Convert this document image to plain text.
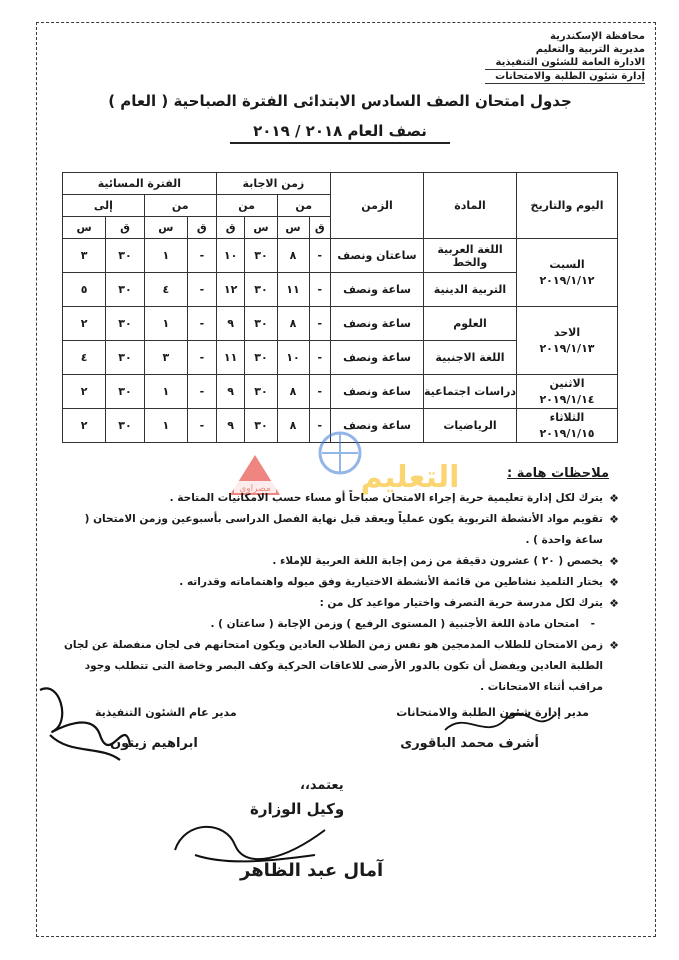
محافظة الإسكندرية
مديرية التربية والتعليم
الادارة العامة للشئون التنفيذية
إدارة شئون الطلبة والامتحانات
جدول امتحان الصف السادس الابتدائى الفترة الصباحية ( العام )
نصف العام ٢٠١٨ / ٢٠١٩
اليوم والتاريخ	المادة	الزمن	زمن الاجابة				الفترة المسائية			
			من		من		من		إلى	
			ق	س	س	ق	ق	س	ق	س

السبت
٢٠١٩/١/١٢	اللغة العربية والخط	ساعتان ونصف	-	٨	٣٠	١٠	-	١	٣٠	٣
	التربية الدينية	ساعة ونصف	-	١١	٣٠	١٢	-	٤	٣٠	٥

الاحد
٢٠١٩/١/١٣	العلوم	ساعة ونصف	-	٨	٣٠	٩	-	١	٣٠	٢
	اللغة الاجنبية	ساعة ونصف	-	١٠	٣٠	١١	-	٣	٣٠	٤

الاثنين
٢٠١٩/١/١٤	دراسات اجتماعية	ساعة ونصف	-	٨	٣٠	٩	-	١	٣٠	٢

الثلاثاء
٢٠١٩/١/١٥	الرياضيات	ساعة ونصف	-	٨	٣٠	٩	-	١	٣٠	٢
مصراوي	التعليم	ملاحظات هامة :
❖
يترك لكل إدارة تعليمية حرية إجراء الامتحان صباحاً أو مساء حسب الامكانيات المتاحة .
❖
تقويم مواد الأنشطة التربوية يكون عملياً ويعقد قبل نهاية الفصل الدراسى بأسبوعين وزمن الامتحان ( ساعة واحدة ) .
❖
يخصص ( ٢٠ ) عشرون دقيقة من زمن إجابة اللغة العربية للإملاء .
❖
يختار التلميذ نشاطين من قائمة الأنشطة الاختيارية وفق ميوله واهتماماته وقدراته .
❖
يترك لكل مدرسة حرية التصرف واختيار مواعيد كل من :
-
امتحان مادة اللغة الأجنبية ( المستوى الرفيع ) وزمن الإجابة ( ساعتان ) .
❖
زمن الامتحان للطلاب المدمجين هو نفس زمن الطلاب العادين ويكون امتحانهم فى لجان منفصلة عن لجان الطلبة العادين ويفضل أن تكون بالدور الأرضى للاعاقات الحركية وكف البصر وخاصة التى تتطلب وجود مراقب أثناء الامتحانات .
مدير عام الشئون التنفيذية
ابراهيم زيتون
مدير إدارة شئون الطلبة والامتحانات
أشرف محمد الباقورى
يعتمد،،
وكيل الوزارة
آمال عبد الظاهر
